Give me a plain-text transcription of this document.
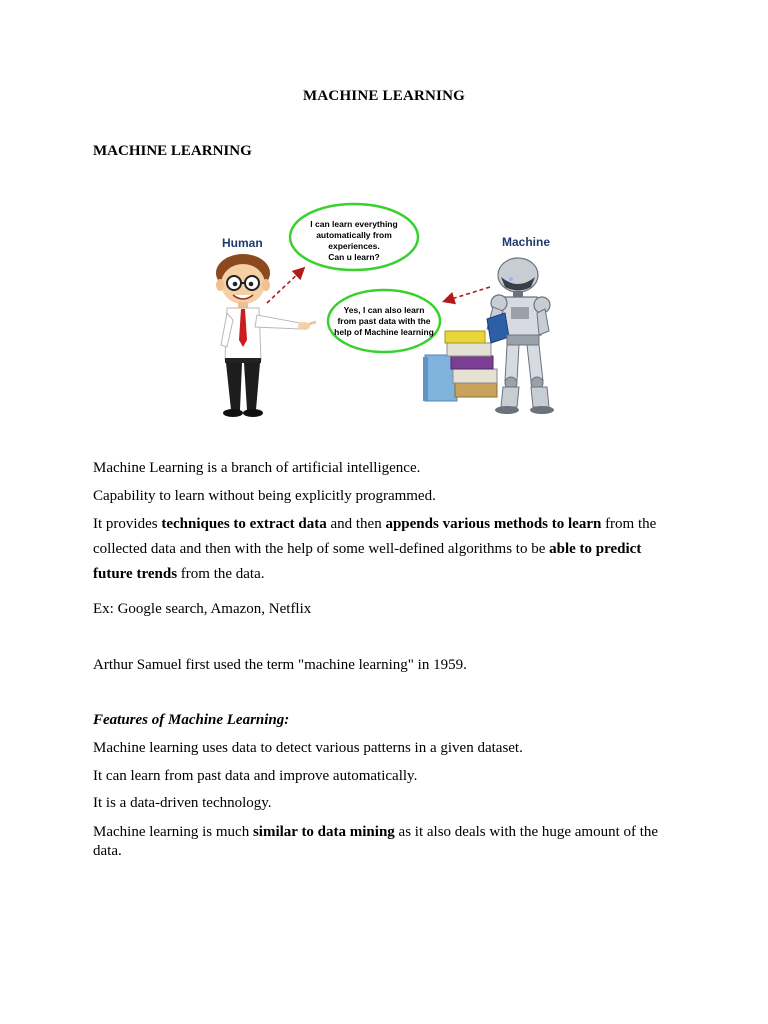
MACHINE LEARNING
MACHINE LEARNING
Human	Machine
I can learn everything
automatically from
experiences.
Can u learn?
Yes, I can also learn
from past data with the
help of Machine learning

Machine Learning is a branch of artificial intelligence.

Capability to learn without being explicitly programmed.

It provides techniques to extract data and then appends various methods to learn from the collected data and then with the help of some well-defined algorithms to be able to predict future trends from the data.

Ex: Google search, Amazon, Netflix

Arthur Samuel first used the term "machine learning" in 1959.

Features of Machine Learning:

Machine learning uses data to detect various patterns in a given dataset.

It can learn from past data and improve automatically.

It is a data-driven technology.

Machine learning is much similar to data mining as it also deals with the huge amount of the data.
